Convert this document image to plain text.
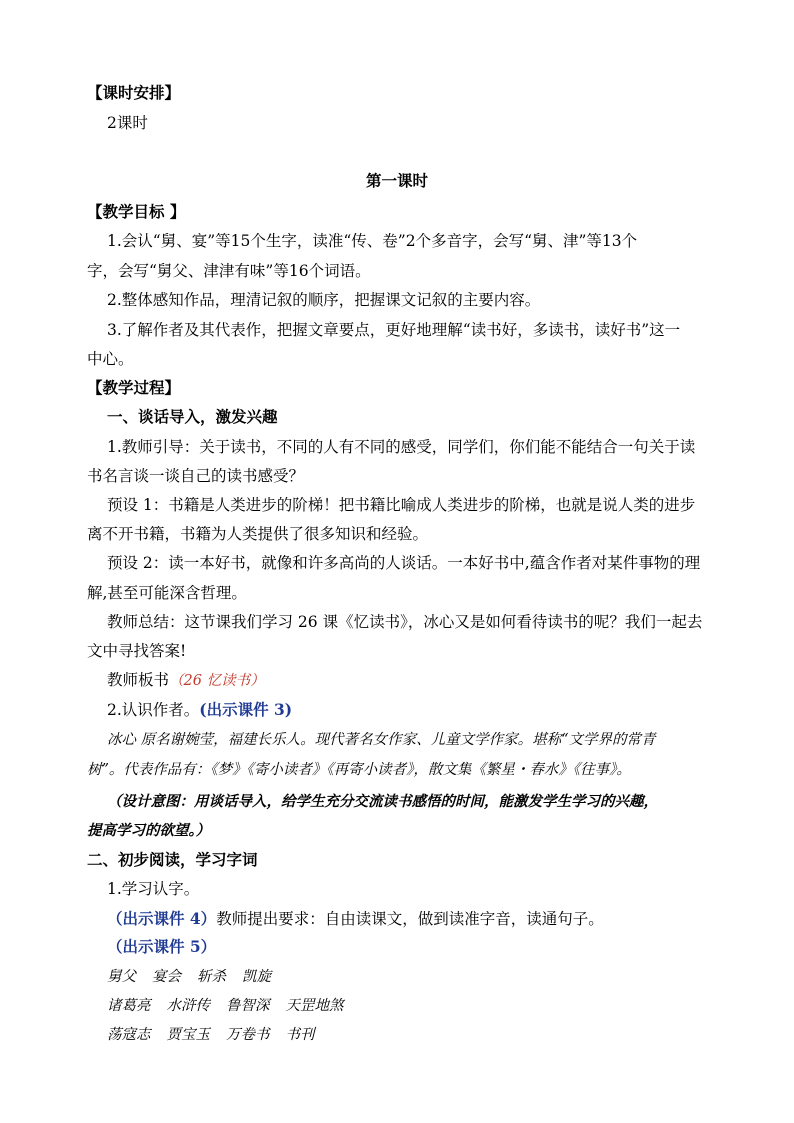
【课时安排】
2课时
第一课时
【教学目标 】
1.会认“舅、宴”等15个生字，读准“传、卷”2个多音字，会写“舅、津”等13个
字，会写“舅父、津津有味”等16个词语。
2.整体感知作品，理清记叙的顺序，把握课文记叙的主要内容。
3.了解作者及其代表作，把握文章要点，更好地理解“读书好，多读书，读好书”这一
中心。
【教学过程】
一、谈话导入，激发兴趣
1.教师引导：关于读书，不同的人有不同的感受，同学们，你们能不能结合一句关于读
书名言谈一谈自己的读书感受？
预设 1：书籍是人类进步的阶梯！把书籍比喻成人类进步的阶梯，也就是说人类的进步
离不开书籍，书籍为人类提供了很多知识和经验。
预设 2：读一本好书，就像和许多高尚的人谈话。一本好书中,蕴含作者对某件事物的理
解,甚至可能深含哲理。
教师总结：这节课我们学习 26 课《忆读书》，冰心又是如何看待读书的呢？我们一起去
文中寻找答案!
教师板书（26 忆读书）
2.认识作者。(出示课件 3)
冰心 原名谢婉莹，福建长乐人。现代著名女作家、儿童文学作家。堪称“文学界的常青
树”。代表作品有：《梦》《寄小读者》《再寄小读者》，散文集《繁星・春水》《往事》。
（设计意图：用谈话导入，给学生充分交流读书感悟的时间，能激发学生学习的兴趣，
提高学习的欲望。）
二、初步阅读，学习字词
1.学习认字。
（出示课件 4）教师提出要求：自由读课文，做到读准字音，读通句子。
（出示课件 5）
舅父 宴会 斩杀 凯旋
诸葛亮 水浒传 鲁智深 天罡地煞
荡寇志 贾宝玉 万卷书 书刊
